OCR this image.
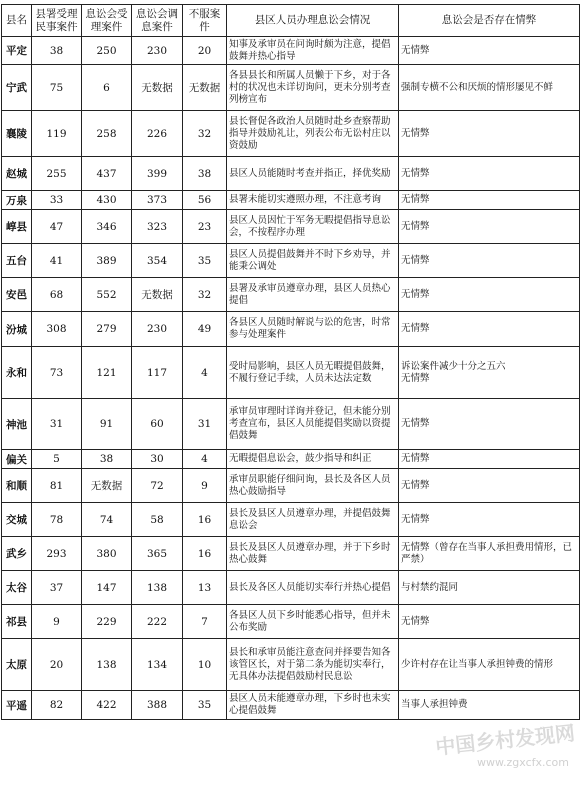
县名	县署受理民事案件	息讼会受理案件	息讼会调息案件	不服案件	县区人员办理息讼会情况	息讼会是否存在情弊
平定	38	250	230	20	知事及承审员在问询时颇为注意，提倡鼓舞并热心指导	无情弊
宁武	75	6	无数据	无数据	各县县长和所属人员懒于下乡，对于各村的状况也未详切询问，更未分别考查列榜宣布	强制专横不公和厌烦的情形屡见不鲜
襄陵	119	258	226	32	县长督促各政治人员随时赴乡查察帮助指导并鼓励礼让，列表公布无讼村庄以资鼓励	无情弊
赵城	255	437	399	38	县区人员能随时考查并指正，择优奖励	无情弊
万泉	33	430	373	56	县署未能切实遵照办理，不注意考询	无情弊
崞县	47	346	323	23	县区人员因忙于军务无暇提倡指导息讼会，不按程序办理	无情弊
五台	41	389	354	35	县区人员提倡鼓舞并不时下乡劝导，并能秉公调处	无情弊
安邑	68	552	无数据	32	县署及承审员遵章办理，县区人员热心提倡	无情弊
汾城	308	279	230	49	各县区人员随时解说与讼的危害，时常参与处理案件	无情弊
永和	73	121	117	4	受时局影响，县区人员无暇提倡鼓舞，不履行登记手续，人员未达法定数	诉讼案件减少十分之五六
无情弊
神池	31	91	60	31	承审员审理时详询并登记，但未能分别考查宣布，县区人员能提倡奖励以资提倡鼓舞	无情弊
偏关	5	38	30	4	无暇提倡息讼会，鼓少指导和纠正	无情弊
和顺	81	无数据	72	9	承审员职能仔细问询，县长及各区人员热心鼓励指导	无情弊
交城	78	74	58	16	县长及县区人员遵章办理，并提倡鼓舞息讼会	无情弊
武乡	293	380	365	16	县长及县区人员遵章办理，并于下乡时热心鼓舞	无情弊（曾存在当事人承担费用情形，已严禁）
太谷	37	147	138	13	县长及各区人员能切实奉行并热心提倡	与村禁约混同
祁县	9	229	222	7	各县区人员下乡时能悉心指导，但并未公布奖励	无情弊
太原	20	138	134	10	县长和承审员能注意查问并择要告知各该管区长，对于第二条为能切实奉行，无具体办法提倡鼓励村民息讼	少许村存在让当事人承担钟费的情形
平遥	82	422	388	35	县区人员未能遵章办理，下乡时也未实心提倡鼓舞	当事人承担钟费
中国乡村发现网
www.zgxcfx.com
